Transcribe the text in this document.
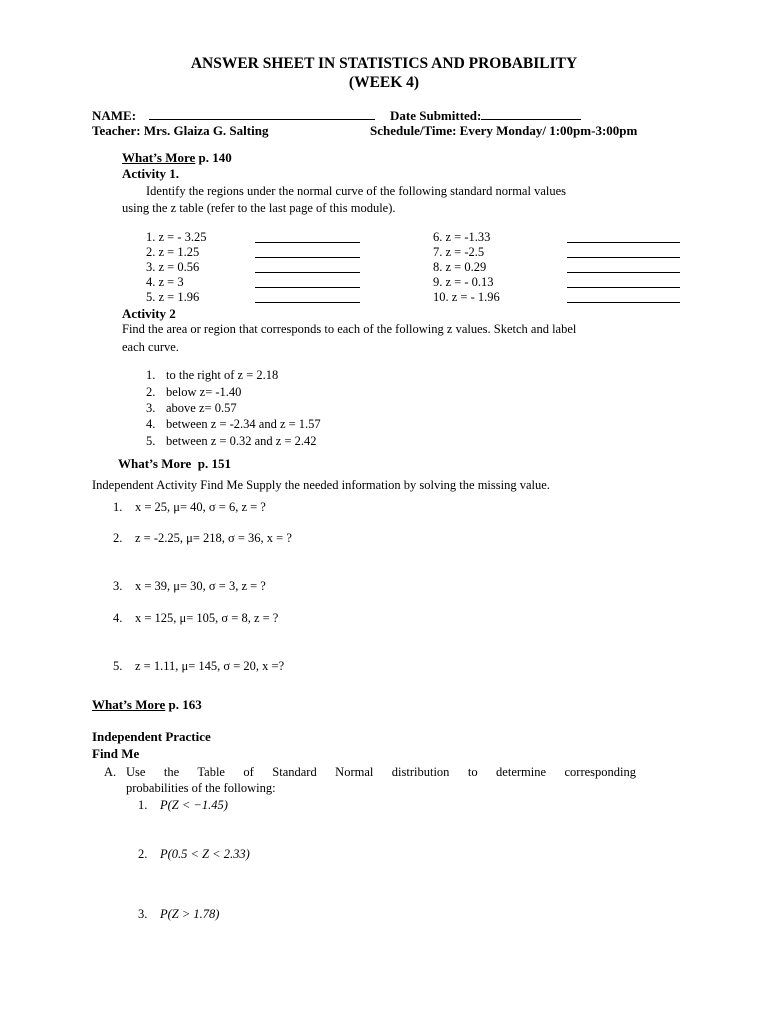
ANSWER SHEET IN STATISTICS AND PROBABILITY
(WEEK 4)
NAME:	Date Submitted:
Teacher: Mrs. Glaiza G. Salting	Schedule/Time: Every Monday/ 1:00pm-3:00pm
What’s More p. 140
Activity 1.
Identify the regions under the normal curve of the following standard normal values
using the z table (refer to the last page of this module).
1. z = - 3.25
2. z = 1.25
3. z = 0.56
4. z = 3
5. z = 1.96
6. z = -1.33
7. z = -2.5
8. z = 0.29
9. z = - 0.13
10. z = - 1.96
Activity 2
Find the area or region that corresponds to each of the following z values. Sketch and label
each curve.
1. to the right of z = 2.18
2. below z= -1.40
3. above z= 0.57
4. between z = -2.34 and z = 1.57
5. between z = 0.32 and z = 2.42
What’s More p. 151
Independent Activity Find Me Supply the needed information by solving the missing value.
1. x = 25, μ= 40, σ = 6, z = ?
2. z = -2.25, μ= 218, σ = 36, x = ?
3. x = 39, μ= 30, σ = 3, z = ?
4. x = 125, μ= 105, σ = 8, z = ?
5. z = 1.11, μ= 145, σ = 20, x =?
What’s More p. 163
Independent Practice
Find Me
A. Use the Table of Standard Normal distribution to determine corresponding
probabilities of the following:
1. P(Z < −1.45)
2. P(0.5 < Z < 2.33)
3. P(Z > 1.78)
